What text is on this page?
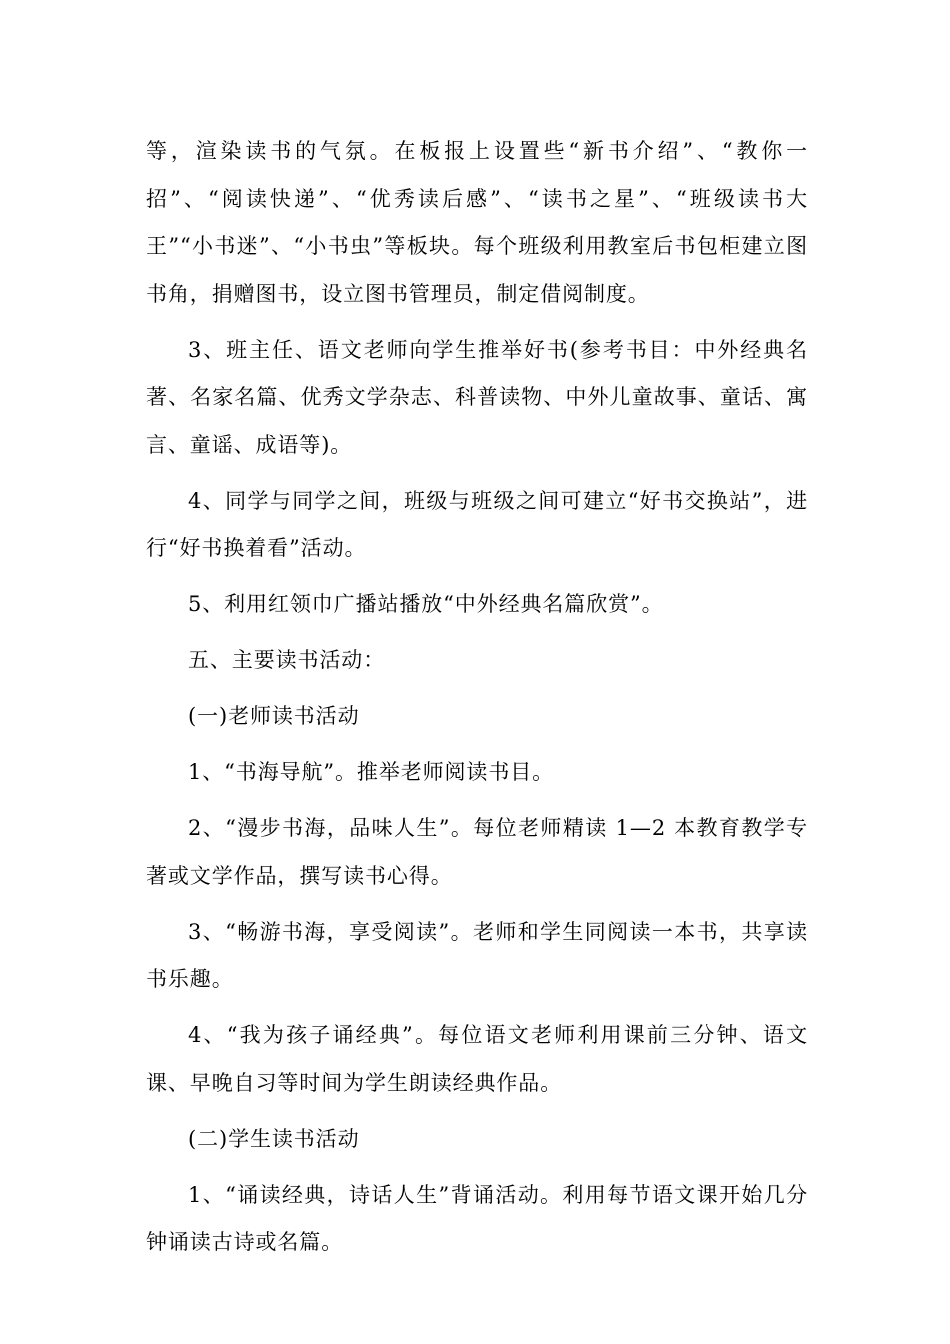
等，渲染读书的气氛。在板报上设置些“新书介绍”、“教你一招”、“阅读快递”、“优秀读后感”、“读书之星”、“班级读书大王”“小书迷”、“小书虫”等板块。每个班级利用教室后书包柜建立图书角，捐赠图书，设立图书管理员，制定借阅制度。

3、班主任、语文老师向学生推举好书(参考书目：中外经典名著、名家名篇、优秀文学杂志、科普读物、中外儿童故事、童话、寓言、童谣、成语等)。

4、同学与同学之间，班级与班级之间可建立“好书交换站”，进行“好书换着看”活动。

5、利用红领巾广播站播放“中外经典名篇欣赏”。

五、主要读书活动：

(一)老师读书活动

1、“书海导航”。推举老师阅读书目。

2、“漫步书海，品味人生”。每位老师精读 1—2 本教育教学专著或文学作品，撰写读书心得。

3、“畅游书海，享受阅读”。老师和学生同阅读一本书，共享读书乐趣。

4、“我为孩子诵经典”。每位语文老师利用课前三分钟、语文课、早晚自习等时间为学生朗读经典作品。

(二)学生读书活动

1、“诵读经典，诗话人生”背诵活动。利用每节语文课开始几分钟诵读古诗或名篇。
